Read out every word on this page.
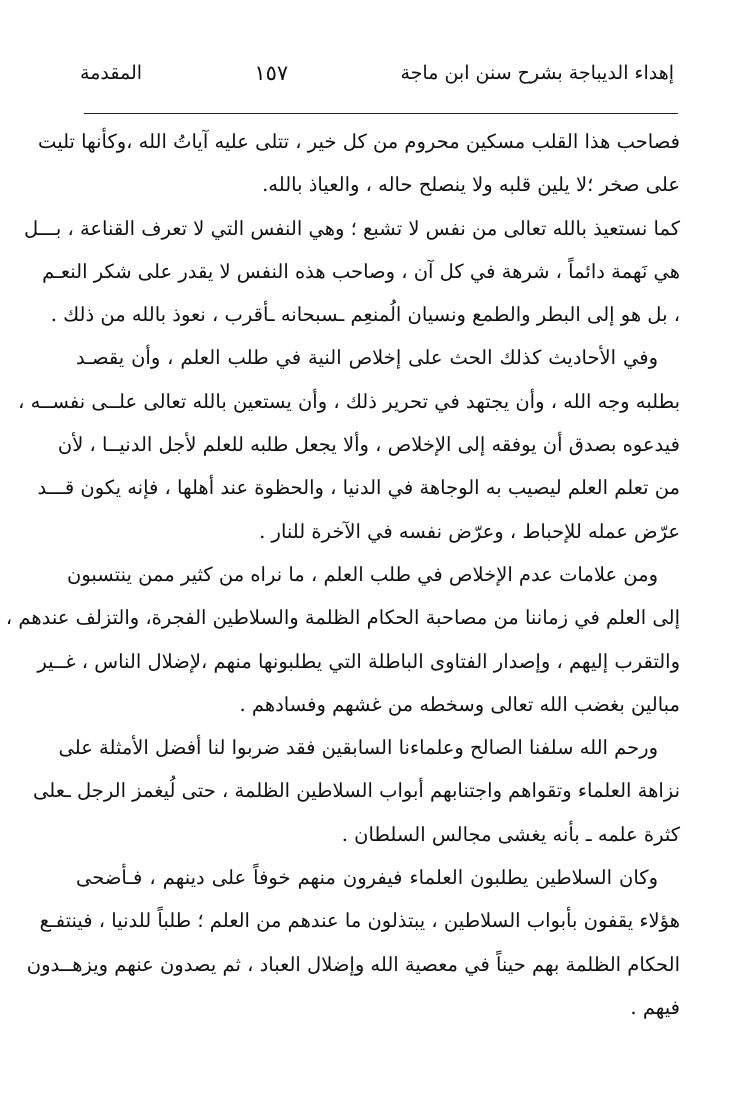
إهداء الديباجة بشرح سنن ابن ماجة
١٥٧
المقدمة
فصاحب هذا القلب مسكين محروم من كل خير ، تتلى عليه آياتُ الله ،وكأنها تليت
على صخر ؛لا يلين قلبه ولا ينصلح حاله ، والعياذ بالله.
كما نستعيذ بالله تعالى من نفس لا تشبع ؛ وهي النفس التي لا تعرف القناعة ، بـــل
هي نَهمة دائماً ، شرهة في كل آن ، وصاحب هذه النفس لا يقدر على شكر النعـم
، بل هو إلى البطر والطمع ونسيان الُمنعِم ـسبحانه ـأقرب ، نعوذ بالله من ذلك .
وفي الأحاديث كذلك الحث على إخلاص النية في طلب العلم ، وأن يقصـد
بطلبه وجه الله ، وأن يجتهد في تحرير ذلك ، وأن يستعين بالله تعالى علــى نفســه ،
فيدعوه بصدق أن يوفقه إلى الإخلاص ، وألا يجعل طلبه للعلم لأجل الدنيــا ، لأن
من تعلم العلم ليصيب به الوجاهة في الدنيا ، والحظوة عند أهلها ، فإنه يكون قـــد
عرّض عمله للإحباط ، وعرّض نفسه في الآخرة للنار .
ومن علامات عدم الإخلاص في طلب العلم ، ما نراه من كثير ممن ينتسبون
إلى العلم في زماننا من مصاحبة الحكام الظلمة والسلاطين الفجرة، والتزلف عندهم ،
والتقرب إليهم ، وإصدار الفتاوى الباطلة التي يطلبونها منهم ،لإضلال الناس ، غــير
مبالين بغضب الله تعالى وسخطه من غشهم وفسادهم .
ورحم الله سلفنا الصالح وعلماءنا السابقين فقد ضربوا لنا أفضل الأمثلة على
نزاهة العلماء وتقواهم واجتنابهم أبواب السلاطين الظلمة ، حتى لُيغمز الرجل ـعلى
كثرة علمه ـ بأنه يغشى مجالس السلطان .
وكان السلاطين يطلبون العلماء فيفرون منهم خوفاً على دينهم ، فـأضحى
هؤلاء يقفون بأبواب السلاطين ، يبتذلون ما عندهم من العلم ؛ طلباً للدنيا ، فينتفـع
الحكام الظلمة بهم حيناً في معصية الله وإضلال العباد ، ثم يصدون عنهم ويزهــدون
فيهم .
